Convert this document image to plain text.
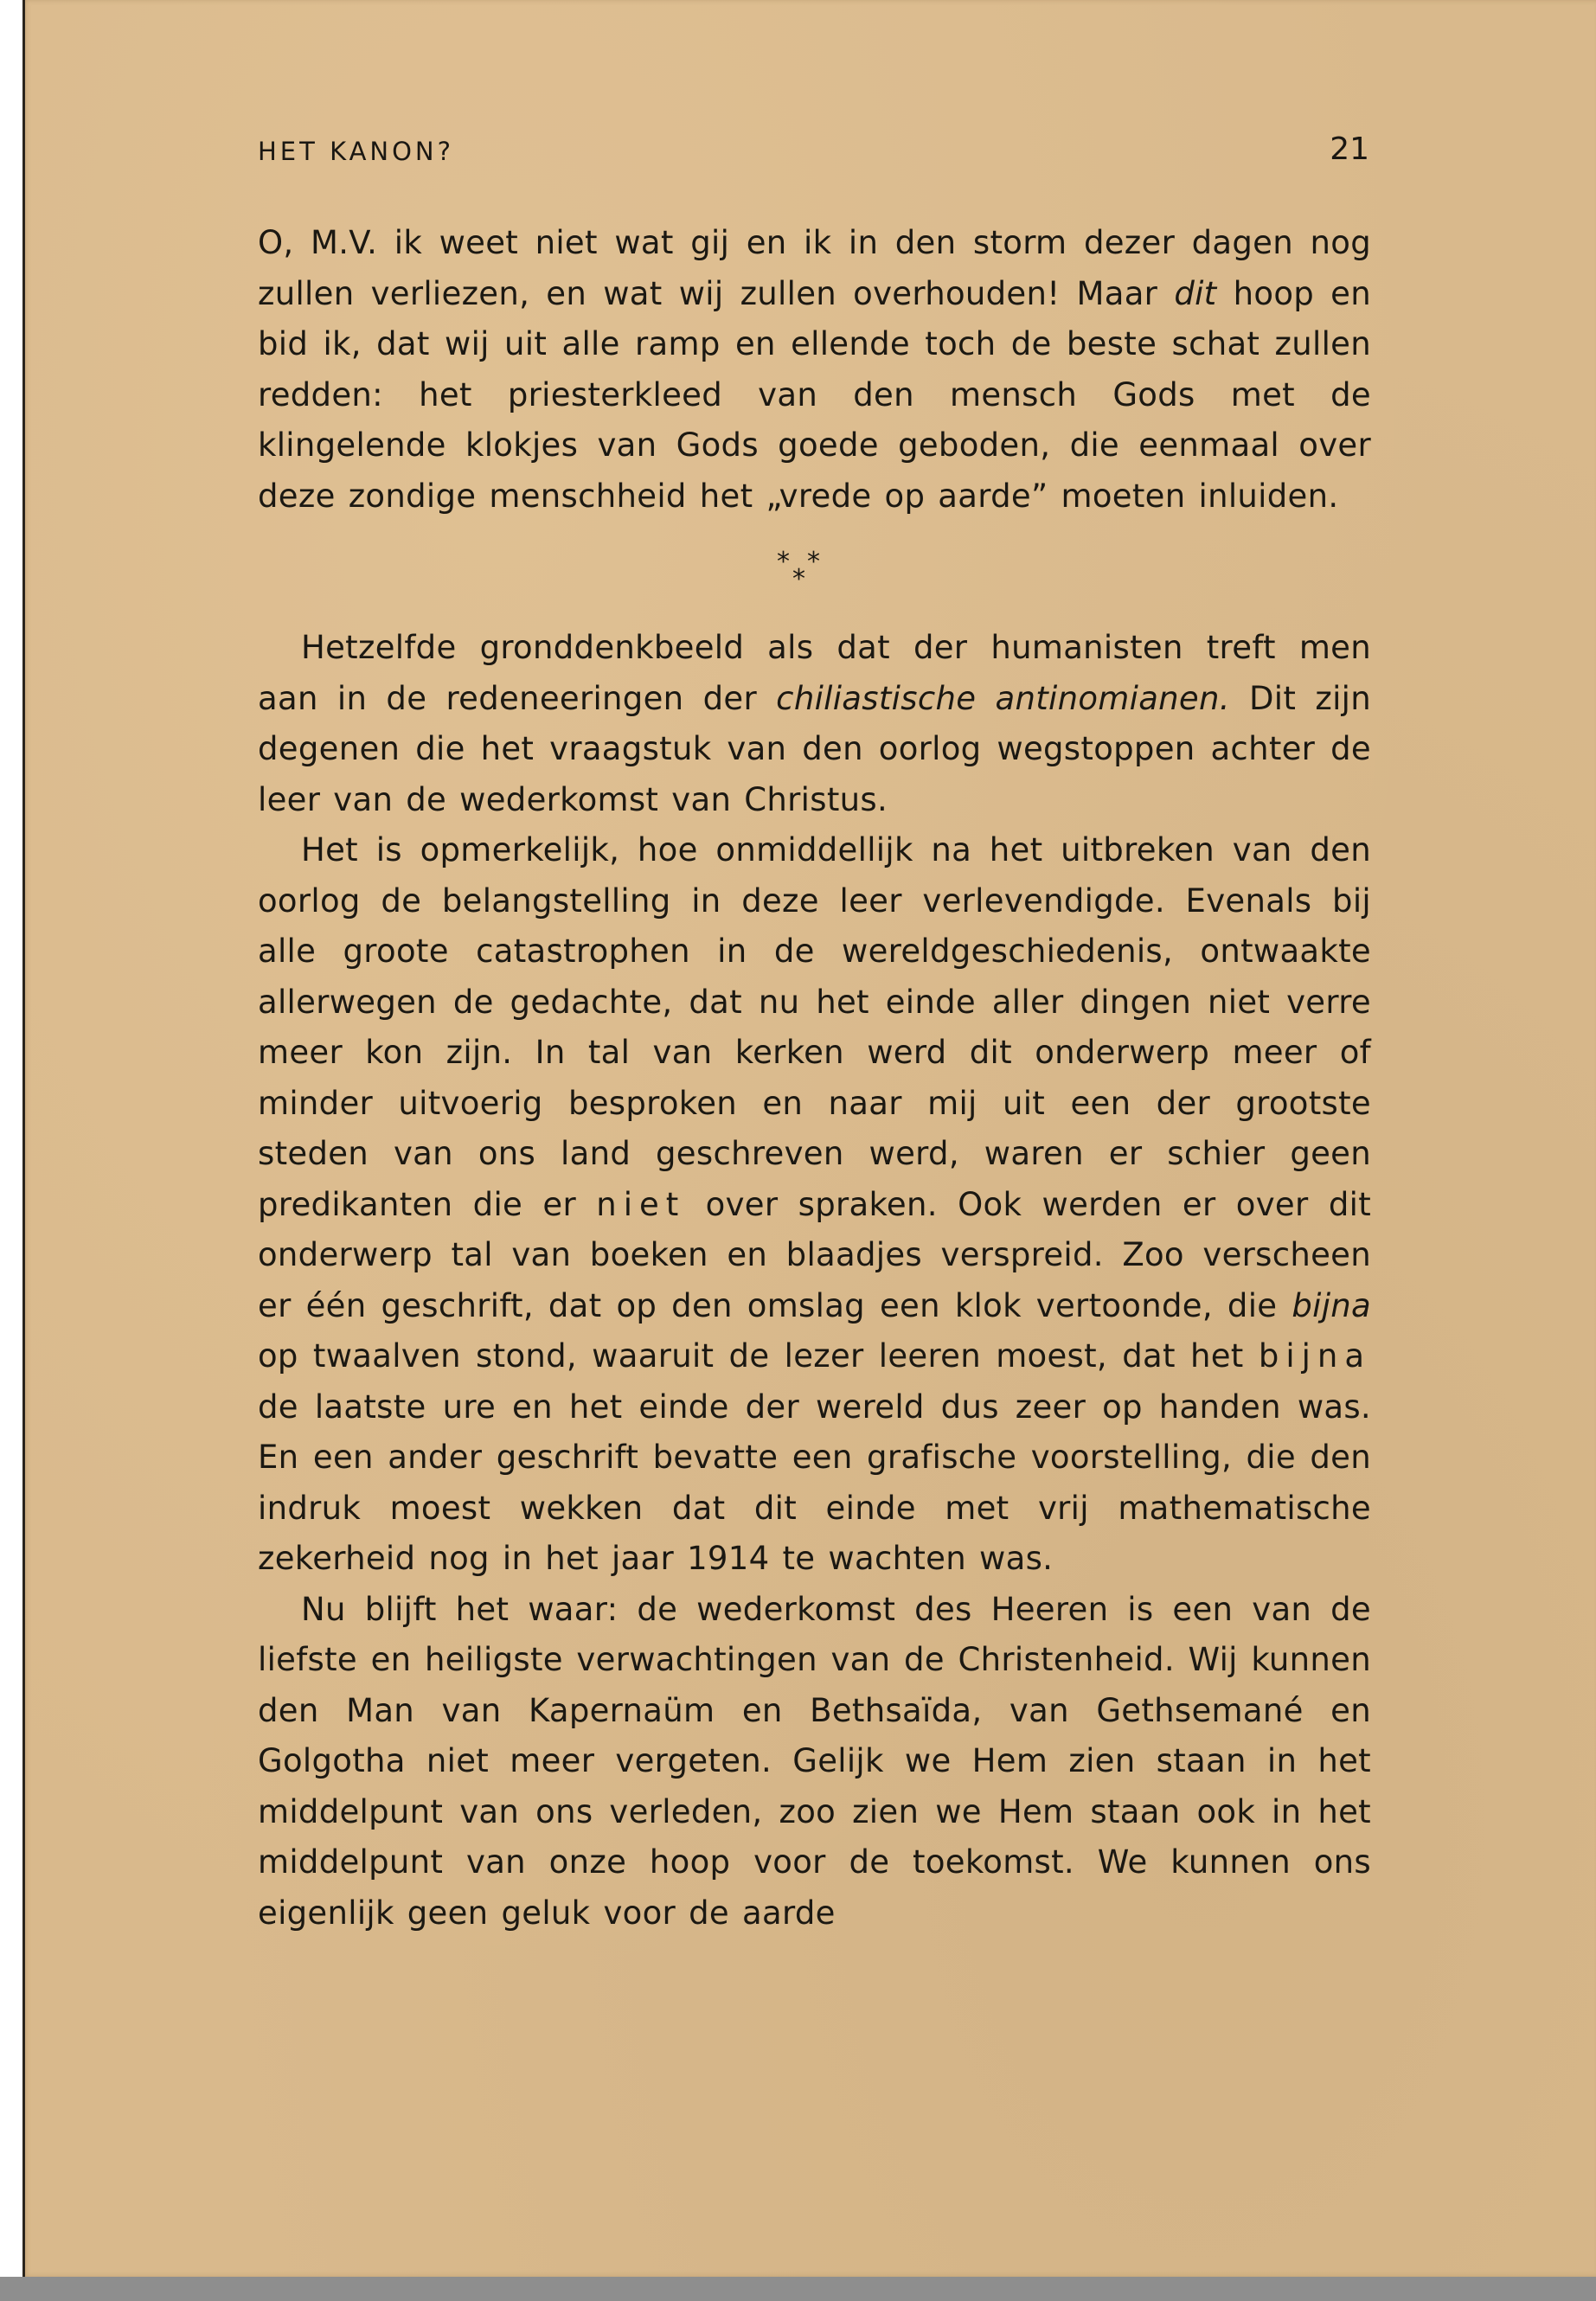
HET KANON?	21

O, M.V. ik weet niet wat gij en ik in den storm dezer dagen nog zullen verliezen, en wat wij zullen overhouden! Maar dit hoop en bid ik, dat wij uit alle ramp en ellende toch de beste schat zullen redden: het priesterkleed van den mensch Gods met de klingelende klokjes van Gods goede geboden, die eenmaal over deze zondige menschheid het „vrede op aarde” moeten inluiden.

* *
*

Hetzelfde gronddenkbeeld als dat der humanisten treft men aan in de redeneeringen der chiliastische antinomianen. Dit zijn degenen die het vraagstuk van den oorlog wegstoppen achter de leer van de wederkomst van Christus.

Het is opmerkelijk, hoe onmiddellijk na het uitbreken van den oorlog de belangstelling in deze leer verlevendigde. Evenals bij alle groote catastrophen in de wereldgeschiedenis, ontwaakte allerwegen de gedachte, dat nu het einde aller dingen niet verre meer kon zijn. In tal van kerken werd dit onderwerp meer of minder uitvoerig besproken en naar mij uit een der grootste steden van ons land geschreven werd, waren er schier geen predikanten die er niet over spraken. Ook werden er over dit onderwerp tal van boeken en blaadjes verspreid. Zoo verscheen er één geschrift, dat op den omslag een klok vertoonde, die bijna op twaalven stond, waaruit de lezer leeren moest, dat het bijna de laatste ure en het einde der wereld dus zeer op handen was. En een ander geschrift bevatte een grafische voorstelling, die den indruk moest wekken dat dit einde met vrij mathematische zekerheid nog in het jaar 1914 te wachten was.

Nu blijft het waar: de wederkomst des Heeren is een van de liefste en heiligste verwachtingen van de Christenheid. Wij kunnen den Man van Kapernaüm en Bethsaïda, van Gethsemané en Golgotha niet meer vergeten. Gelijk we Hem zien staan in het middelpunt van ons verleden, zoo zien we Hem staan ook in het middelpunt van onze hoop voor de toekomst. We kunnen ons eigenlijk geen geluk voor de aarde
